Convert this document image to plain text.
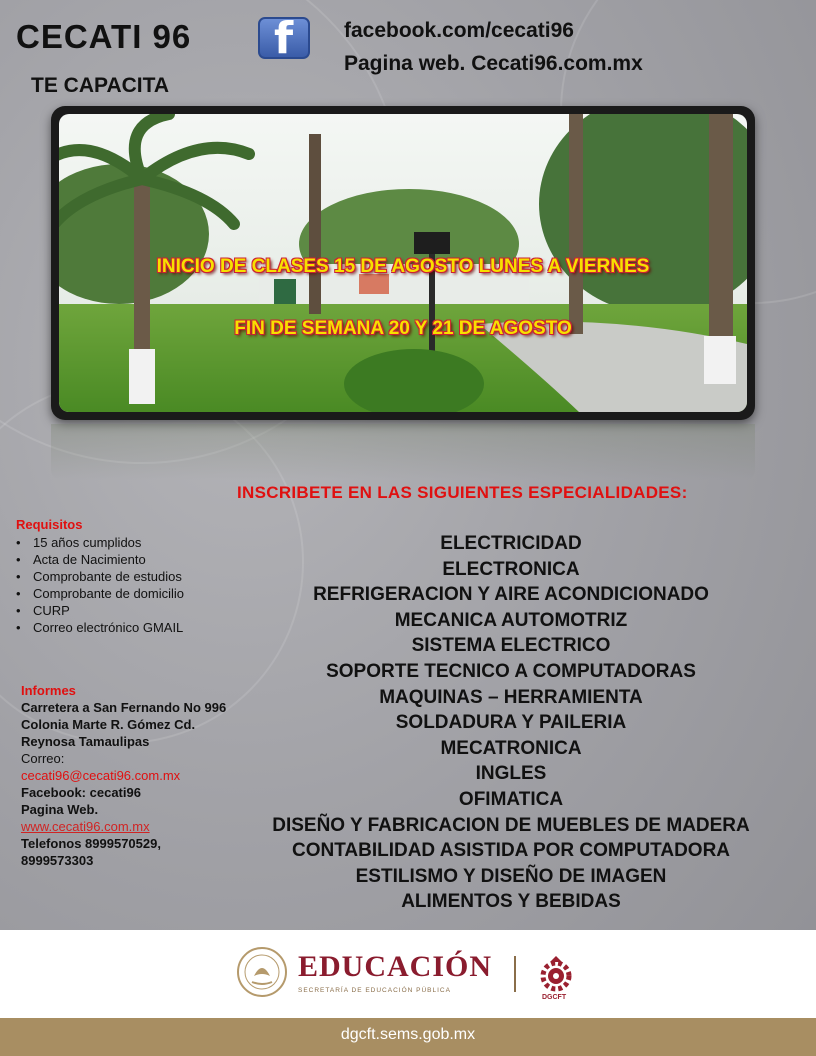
CECATI 96
TE CAPACITA
f facebook.com/cecati96
Pagina web. Cecati96.com.mx
INICIO DE CLASES 15 DE AGOSTO LUNES A VIERNES
FIN DE SEMANA 20 Y 21 DE AGOSTO
INSCRIBETE EN LAS SIGUIENTES ESPECIALIDADES:
Requisitos
• 15 años cumplidos
• Acta de Nacimiento
• Comprobante de estudios
• Comprobante de domicilio
• CURP
• Correo electrónico GMAIL
Informes
Carretera a San Fernando No 996 Colonia Marte R. Gómez Cd. Reynosa Tamaulipas
Correo:
cecati96@cecati96.com.mx
Facebook: cecati96
Pagina Web.
www.cecati96.com.mx
Telefonos 8999570529, 8999573303
ELECTRICIDAD
ELECTRONICA
REFRIGERACION Y AIRE ACONDICIONADO
MECANICA AUTOMOTRIZ
SISTEMA ELECTRICO
SOPORTE TECNICO A COMPUTADORAS
MAQUINAS – HERRAMIENTA
SOLDADURA Y PAILERIA
MECATRONICA
INGLES
OFIMATICA
DISEÑO Y FABRICACION DE MUEBLES DE MADERA
CONTABILIDAD ASISTIDA POR COMPUTADORA
ESTILISMO Y DISEÑO DE IMAGEN
ALIMENTOS Y BEBIDAS
EDUCACIÓN
SECRETARÍA DE EDUCACIÓN PÚBLICA
DGCFT
dgcft.sems.gob.mx
